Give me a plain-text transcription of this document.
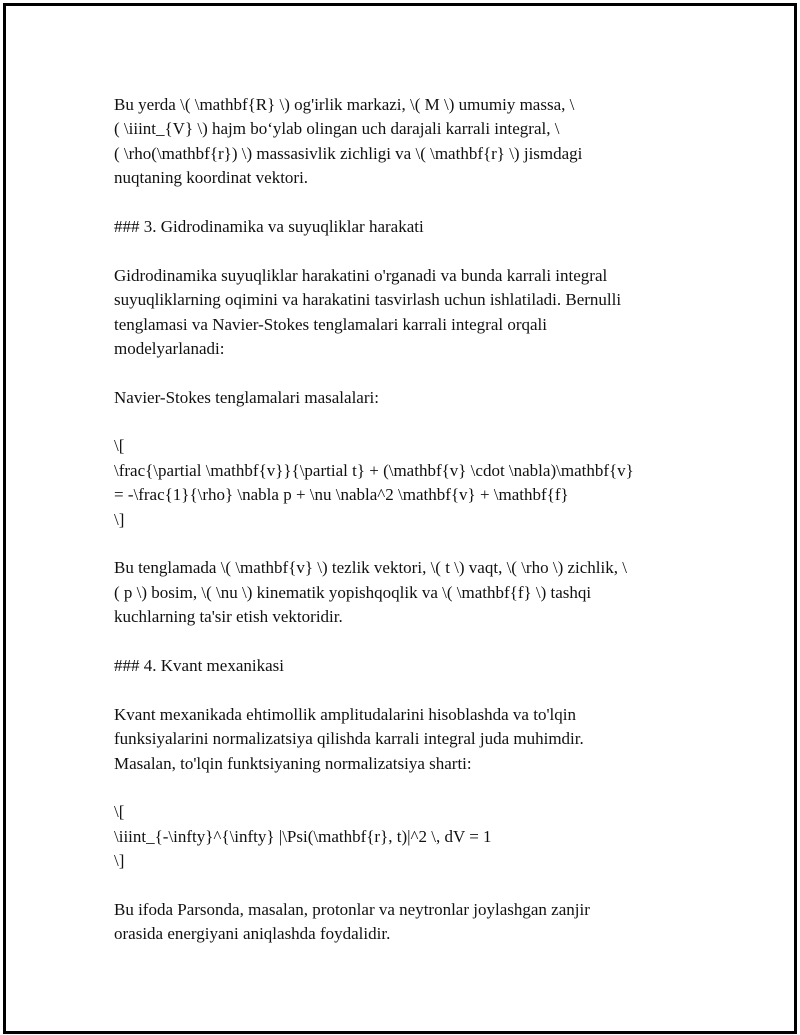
Bu yerda \( \mathbf{R} \) og'irlik markazi, \( M \) umumiy massa, \
( \iiint_{V} \) hajm bo‘ylab olingan uch darajali karrali integral, \
( \rho(\mathbf{r}) \) massasivlik zichligi va \( \mathbf{r} \) jismdagi
nuqtaning koordinat vektori.
### 3. Gidrodinamika va suyuqliklar harakati
Gidrodinamika suyuqliklar harakatini o'rganadi va bunda karrali integral
suyuqliklarning oqimini va harakatini tasvirlash uchun ishlatiladi. Bernulli
tenglamasi va Navier-Stokes tenglamalari karrali integral orqali
modelyarlanadi:
Navier-Stokes tenglamalari masalalari:
\[
\frac{\partial \mathbf{v}}{\partial t} + (\mathbf{v} \cdot \nabla)\mathbf{v}
= -\frac{1}{\rho} \nabla p + \nu \nabla^2 \mathbf{v} + \mathbf{f}
\]
Bu tenglamada \( \mathbf{v} \) tezlik vektori, \( t \) vaqt, \( \rho \) zichlik, \
( p \) bosim, \( \nu \) kinematik yopishqoqlik va \( \mathbf{f} \) tashqi
kuchlarning ta'sir etish vektoridir.
### 4. Kvant mexanikasi
Kvant mexanikada ehtimollik amplitudalarini hisoblashda va to'lqin
funksiyalarini normalizatsiya qilishda karrali integral juda muhimdir.
Masalan, to'lqin funktsiyaning normalizatsiya sharti:
\[
\iiint_{-\infty}^{\infty} |\Psi(\mathbf{r}, t)|^2 \, dV = 1
\]
Bu ifoda Parsonda, masalan, protonlar va neytronlar joylashgan zanjir
orasida energiyani aniqlashda foydalidir.
